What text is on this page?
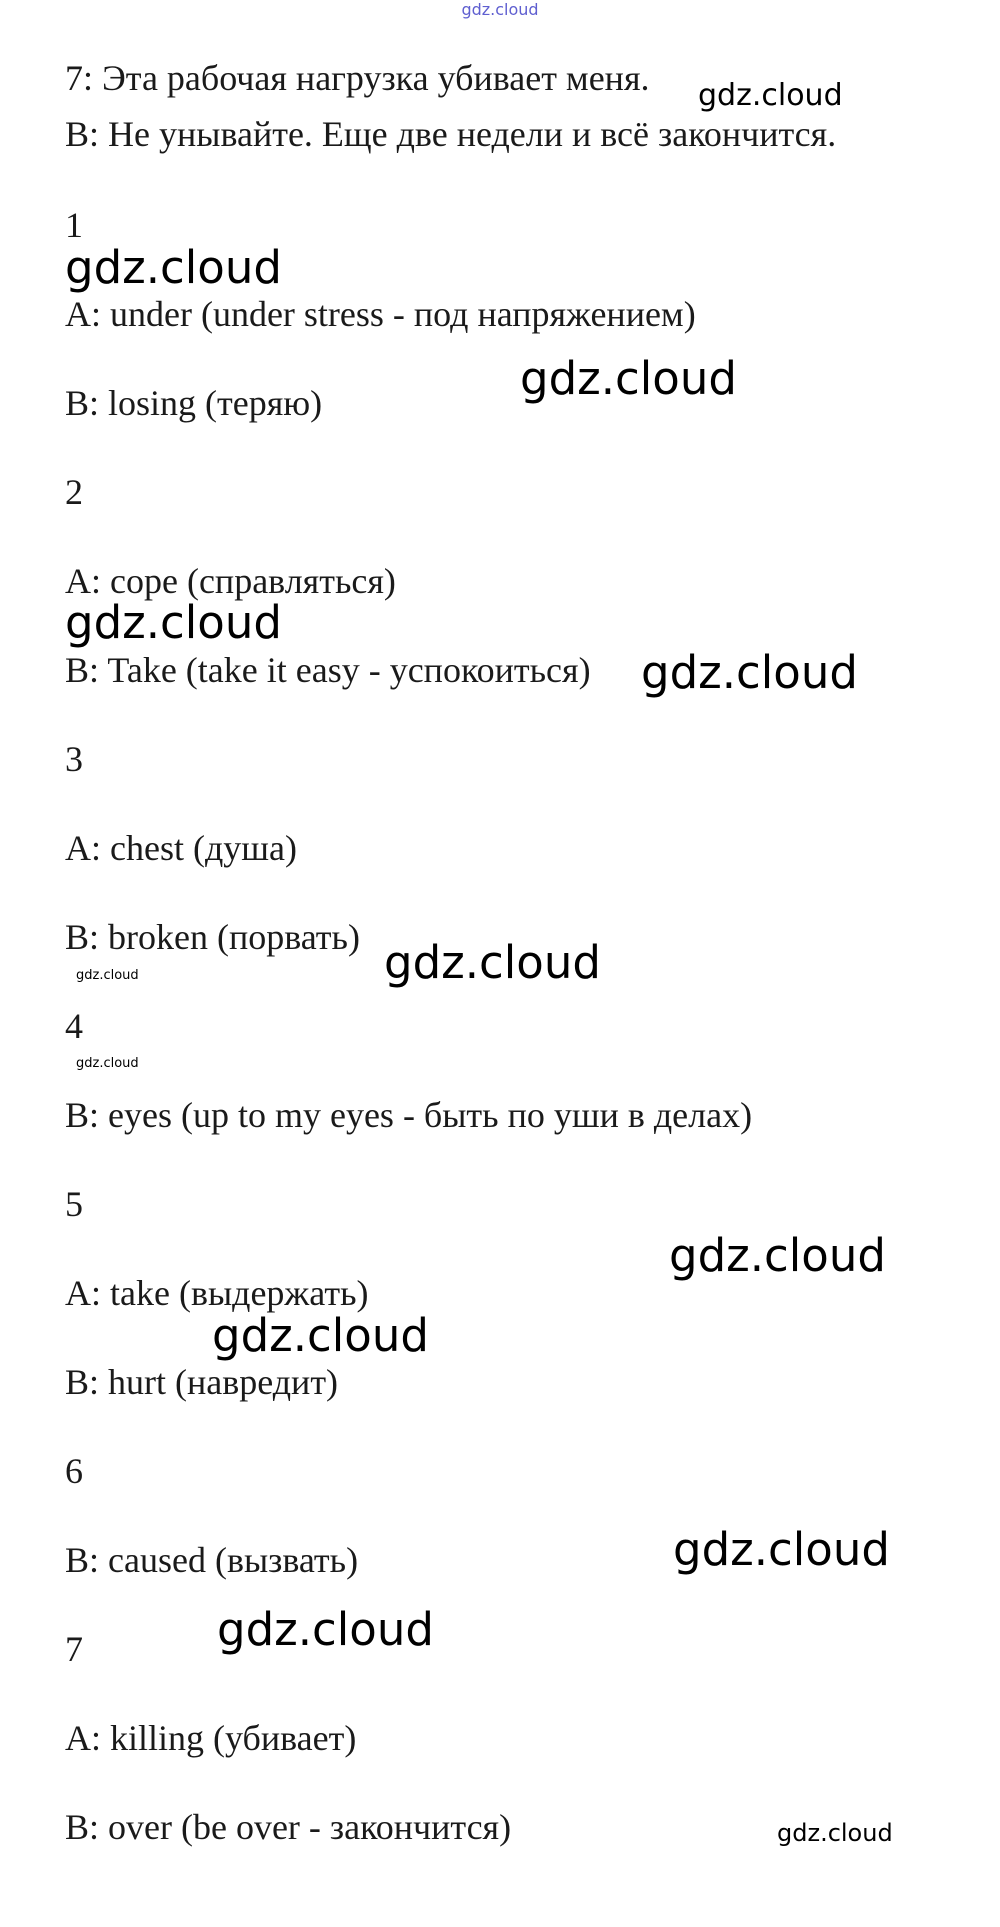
gdz.cloud
7: Эта рабочая нагрузка убивает меня.
B: Не унывайте. Еще две недели и всё закончится.
1
A: under (under stress - под напряжением)
B: losing (теряю)
2
A: cope (справляться)
B: Take (take it easy - успокоиться)
3
A: chest (душа)
B: broken (порвать)
4
B: eyes (up to my eyes - быть по уши в делах)
5
A: take (выдержать)
B: hurt (навредит)
6
B: caused (вызвать)
7
A: killing (убивает)
B: over (be over - закончится)
gdz.cloud
gdz.cloud
gdz.cloud
gdz.cloud
gdz.cloud
gdz.cloud
gdz.cloud
gdz.cloud
gdz.cloud
gdz.cloud
gdz.cloud
gdz.cloud
gdz.cloud
